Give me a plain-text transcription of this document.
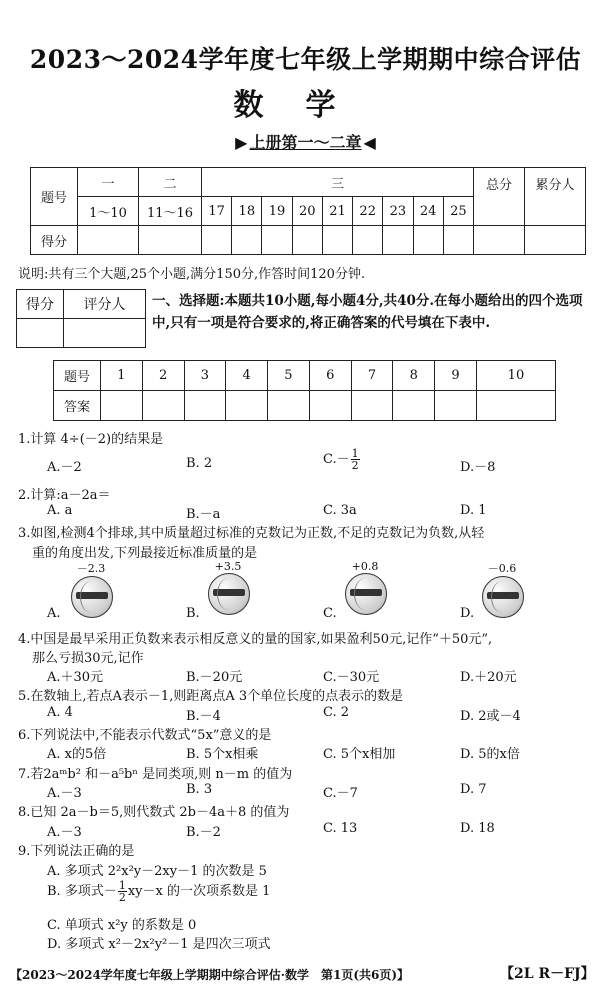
2023～2024学年度七年级上学期期中综合评估
数学
▶ 上册第一～二章 ◀
题号	一	二	三									总分	累分人
	1～10	11～16	17	18	19	20	21	22	23	24	25		
得分													
说明:共有三个大题,25个小题,满分150分,作答时间120分钟.
得分	评分人
	一、选择题:本题共10小题,每小题4分,共40分.在每小题给出的四个选项中,只有一项是符合要求的,将正确答案的代号填在下表中.
题号	1	2	3	4	5	6	7	8	9	10
答案										
1.计算 4÷(－2)的结果是
A.－2	B. 2	$C.- \frac{1}{2}$	D.－8
2.计算:a－2a＝
A. a	B.－a	C. 3a	D. 1
3.如图,检测4个排球,其中质量超过标准的克数记为正数,不足的克数记为负数,从轻
重的角度出发,下列最接近标准质量的是
A.
－2.3
B.
+3.5
C.
+0.8
D.
－0.6
4.中国是最早采用正负数来表示相反意义的量的国家,如果盈利50元,记作“＋50元”,
那么亏损30元,记作
A.＋30元	B.－20元	C.－30元	D.＋20元
5.在数轴上,若点A表示－1,则距离点A 3个单位长度的点表示的数是
A. 4	B.－4	C. 2	D. 2或－4
6.下列说法中,不能表示代数式“5x”意义的是
A. x的5倍	B. 5个x相乘	C. 5个x相加	D. 5的x倍
7.若2aᵐb² 和－a⁵bⁿ 是同类项,则 n－m 的值为
A.－3	B. 3	C.－7	D. 7
8.已知 2a－b＝5,则代数式 2b－4a＋8 的值为
A.－3	B.－2	C. 13	D. 18
9.下列说法正确的是
A. 多项式 2²x²y－2xy－1 的次数是 5
B. 多项式－ $\frac{1}{2} xy-x$ 的一次项系数是 1
C. 单项式 x²y 的系数是 0
D. 多项式 x²－2x²y²－1 是四次三项式
【2023～2024学年度七年级上学期期中综合评估·数学　第1页(共6页)】	【2L R－FJ】
